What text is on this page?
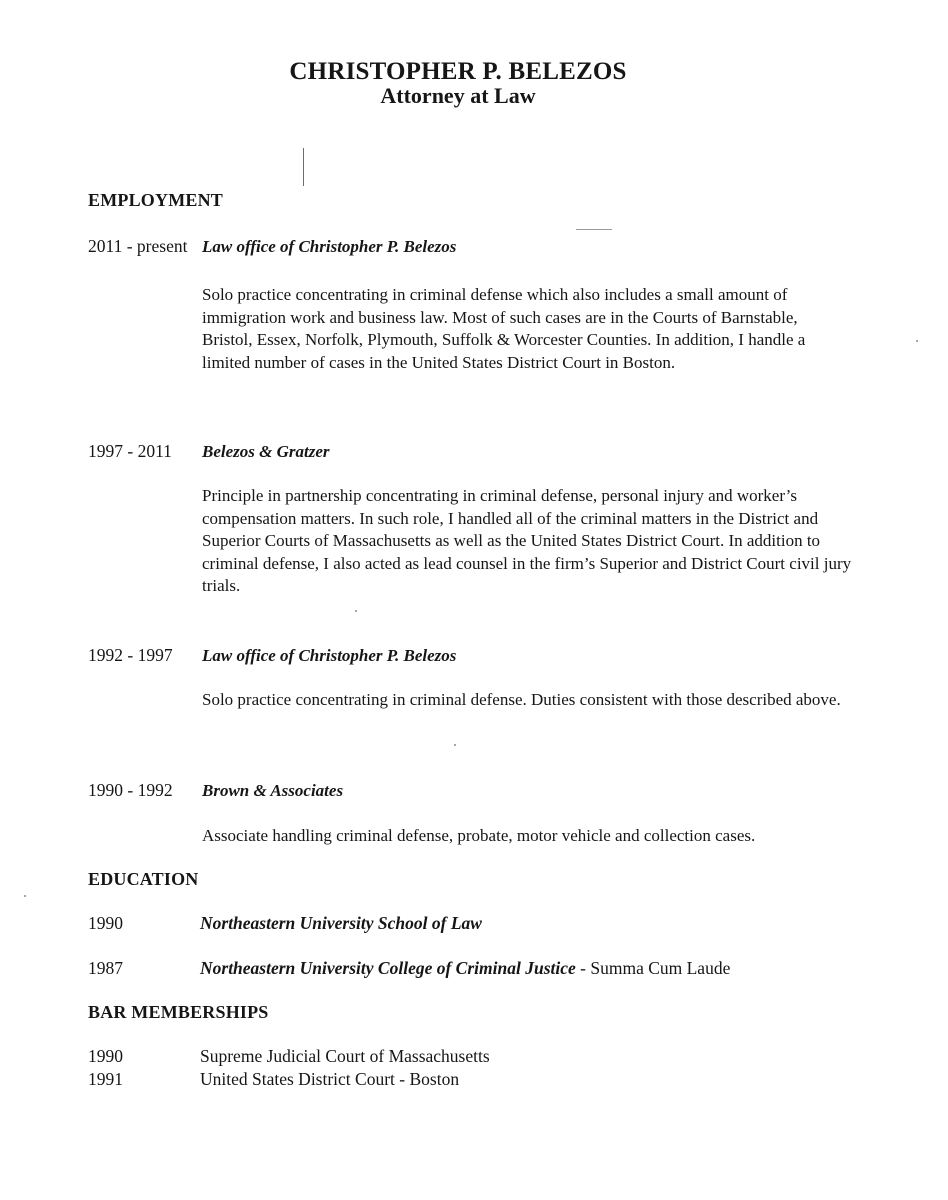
CHRISTOPHER P. BELEZOS
Attorney at Law
EMPLOYMENT
2011 - present Law office of Christopher P. Belezos

Solo practice concentrating in criminal defense which also includes a small amount of immigration work and business law. Most of such cases are in the Courts of Barnstable, Bristol, Essex, Norfolk, Plymouth, Suffolk & Worcester Counties. In addition, I handle a limited number of cases in the United States District Court in Boston.

1997 - 2011 Belezos & Gratzer

Principle in partnership concentrating in criminal defense, personal injury and worker’s compensation matters. In such role, I handled all of the criminal matters in the District and Superior Courts of Massachusetts as well as the United States District Court. In addition to criminal defense, I also acted as lead counsel in the firm’s Superior and District Court civil jury trials.

1992 - 1997 Law office of Christopher P. Belezos

Solo practice concentrating in criminal defense. Duties consistent with those described above.

1990 - 1992 Brown & Associates

Associate handling criminal defense, probate, motor vehicle and collection cases.

EDUCATION
1990	Northeastern University School of Law
1987	Northeastern University College of Criminal Justice - Summa Cum Laude
BAR MEMBERSHIPS
1990	Supreme Judicial Court of Massachusetts
1991	United States District Court - Boston
